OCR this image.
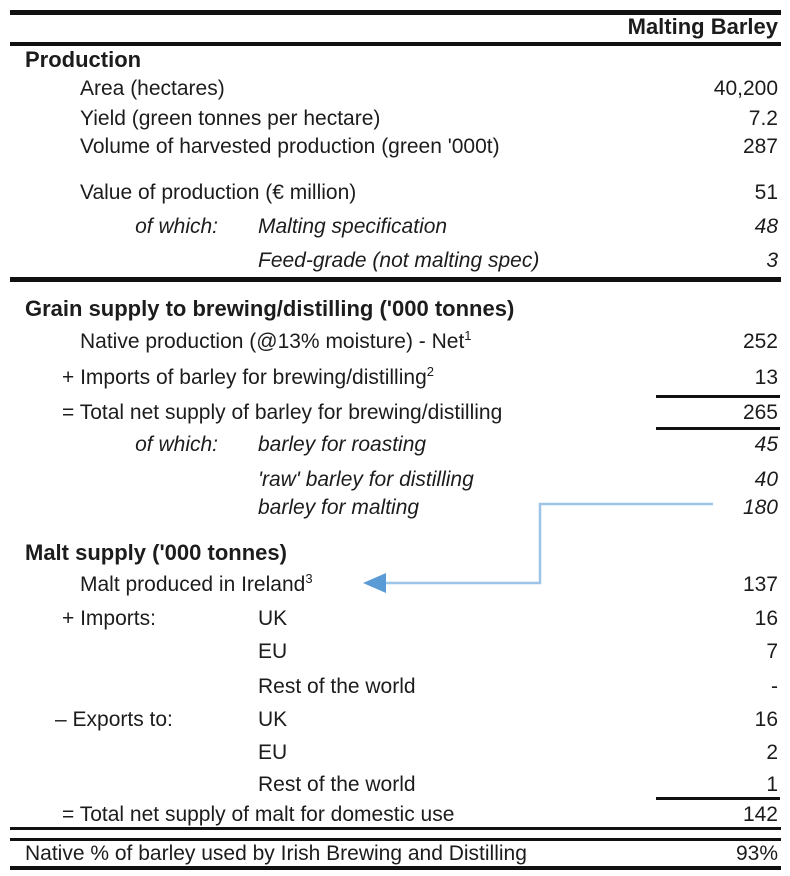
Malting Barley
Production
Area (hectares)	40,200
Yield (green tonnes per hectare)	7.2
Volume of harvested production (green '000t)	287
Value of production (€ million)	51
of which: Malting specification	48
Feed-grade (not malting spec)	3
Grain supply to brewing/distilling ('000 tonnes)
Native production (@13% moisture) - Net$^1$	252
+ Imports of barley for brewing/distilling$^2$	13
= Total net supply of barley for brewing/distilling	265
of which: barley for roasting	45
'raw' barley for distilling	40
barley for malting	180
Malt supply ('000 tonnes)
Malt produced in Ireland$^3$	137
+ Imports:	UK	16
EU	7
Rest of the world	-
– Exports to:	UK	16
EU	2
Rest of the world	1
= Total net supply of malt for domestic use	142
Native % of barley used by Irish Brewing and Distilling	93%
